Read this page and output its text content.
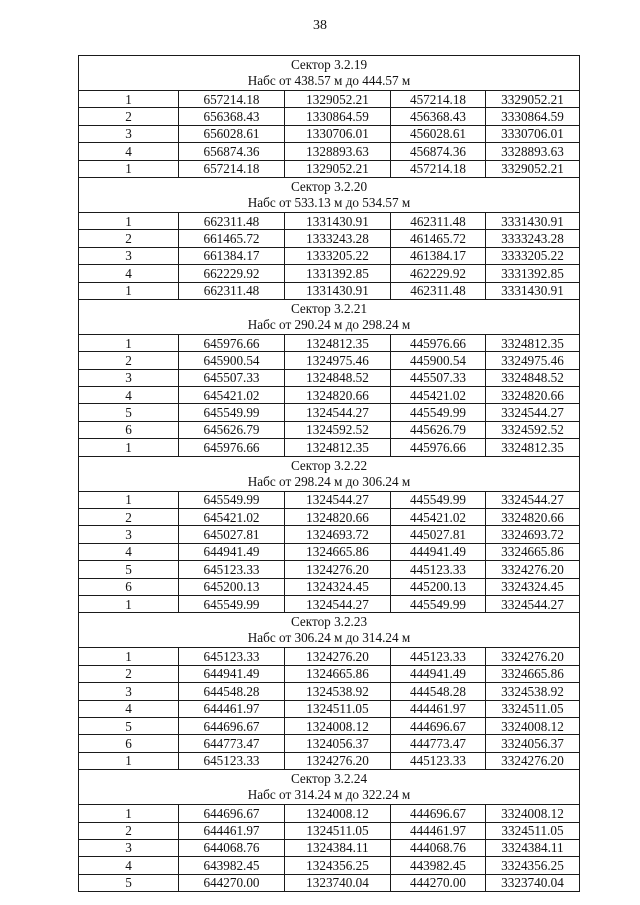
38
Сектор 3.2.19
Набс от 438.57 м до 444.57 м				

1	657214.18	1329052.21	457214.18	3329052.21
2	656368.43	1330864.59	456368.43	3330864.59
3	656028.61	1330706.01	456028.61	3330706.01
4	656874.36	1328893.63	456874.36	3328893.63
1	657214.18	1329052.21	457214.18	3329052.21

Сектор 3.2.20
Набс от 533.13 м до 534.57 м				

1	662311.48	1331430.91	462311.48	3331430.91
2	661465.72	1333243.28	461465.72	3333243.28
3	661384.17	1333205.22	461384.17	3333205.22
4	662229.92	1331392.85	462229.92	3331392.85
1	662311.48	1331430.91	462311.48	3331430.91

Сектор 3.2.21
Набс от 290.24 м до 298.24 м				

1	645976.66	1324812.35	445976.66	3324812.35
2	645900.54	1324975.46	445900.54	3324975.46
3	645507.33	1324848.52	445507.33	3324848.52
4	645421.02	1324820.66	445421.02	3324820.66
5	645549.99	1324544.27	445549.99	3324544.27
6	645626.79	1324592.52	445626.79	3324592.52
1	645976.66	1324812.35	445976.66	3324812.35

Сектор 3.2.22
Набс от 298.24 м до 306.24 м				

1	645549.99	1324544.27	445549.99	3324544.27
2	645421.02	1324820.66	445421.02	3324820.66
3	645027.81	1324693.72	445027.81	3324693.72
4	644941.49	1324665.86	444941.49	3324665.86
5	645123.33	1324276.20	445123.33	3324276.20
6	645200.13	1324324.45	445200.13	3324324.45
1	645549.99	1324544.27	445549.99	3324544.27

Сектор 3.2.23
Набс от 306.24 м до 314.24 м				

1	645123.33	1324276.20	445123.33	3324276.20
2	644941.49	1324665.86	444941.49	3324665.86
3	644548.28	1324538.92	444548.28	3324538.92
4	644461.97	1324511.05	444461.97	3324511.05
5	644696.67	1324008.12	444696.67	3324008.12
6	644773.47	1324056.37	444773.47	3324056.37
1	645123.33	1324276.20	445123.33	3324276.20

Сектор 3.2.24
Набс от 314.24 м до 322.24 м				

1	644696.67	1324008.12	444696.67	3324008.12
2	644461.97	1324511.05	444461.97	3324511.05
3	644068.76	1324384.11	444068.76	3324384.11
4	643982.45	1324356.25	443982.45	3324356.25
5	644270.00	1323740.04	444270.00	3323740.04
